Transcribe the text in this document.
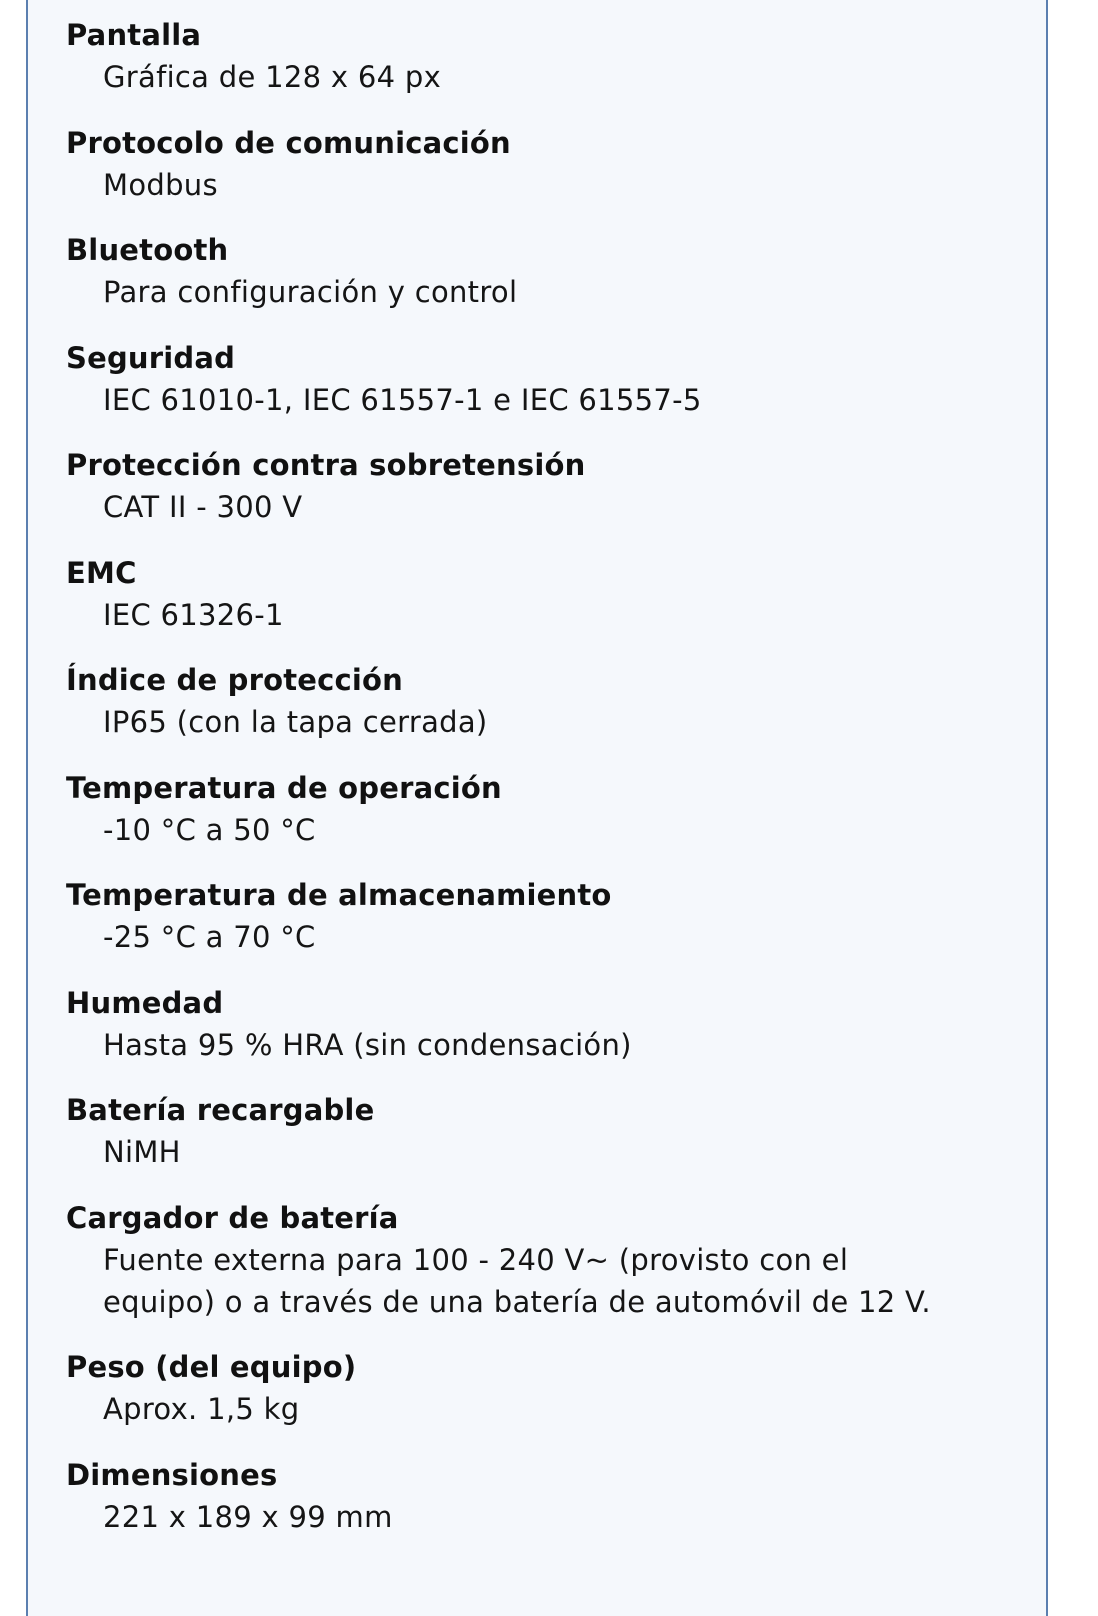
Pantalla
Gráfica de 128 x 64 px
Protocolo de comunicación
Modbus
Bluetooth
Para configuración y control
Seguridad
IEC 61010-1, IEC 61557-1 e IEC 61557-5
Protección contra sobretensión
CAT II - 300 V
EMC
IEC 61326-1
Índice de protección
IP65 (con la tapa cerrada)
Temperatura de operación
-10 °C a 50 °C
Temperatura de almacenamiento
-25 °C a 70 °C
Humedad
Hasta 95 % HRA (sin condensación)
Batería recargable
NiMH
Cargador de batería
Fuente externa para 100 - 240 V~ (provisto con el
equipo) o a través de una batería de automóvil de 12 V.
Peso (del equipo)
Aprox. 1,5 kg
Dimensiones
221 x 189 x 99 mm
